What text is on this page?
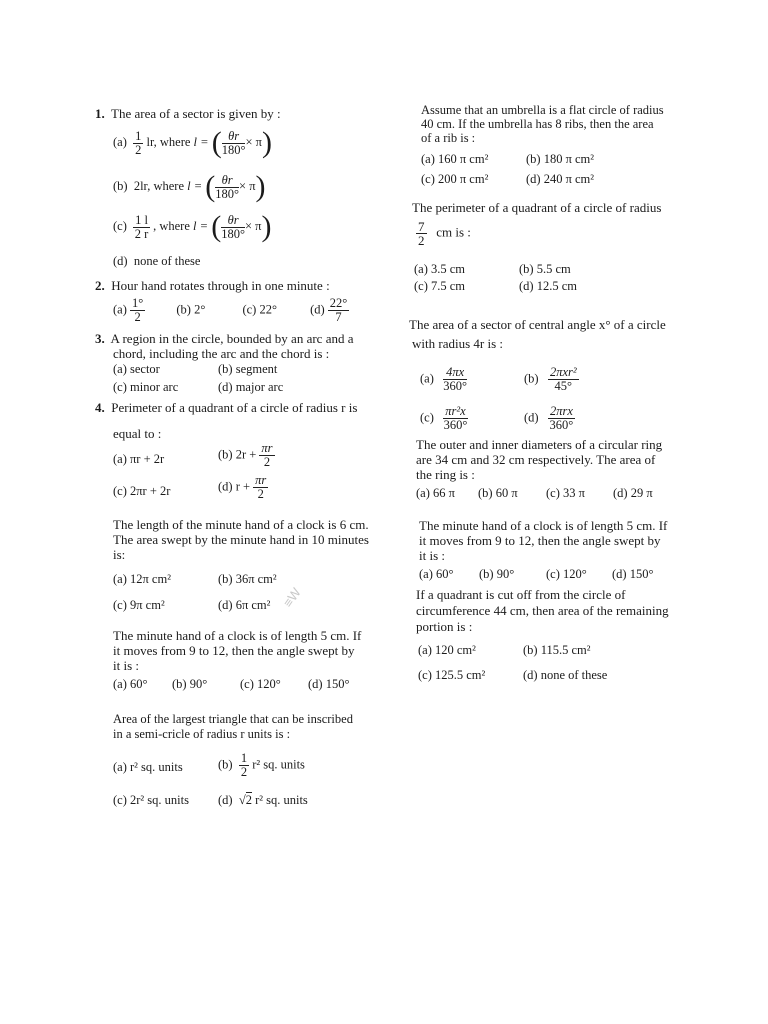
1. The area of a sector is given by :
$(a) \frac{1}{2}$ lr, where l = ( $\frac{\theta r}{180^\circ} \times \pi$)
(b) 2lr, where l = ( $\frac{\theta r}{180^\circ} \times \pi$)
$(c) \frac{1 l}{2 r}$ , where l = ( $\frac{\theta r}{180^\circ} \times \pi$)
(d) none of these
2. Hour hand rotates through in one minute :
$(a) \frac{1^\circ}{2} (b)$ 2°	(c) 22°	$(d) \frac{22^\circ}{7}$
3. A region in the circle, bounded by an arc and a
chord, including the arc and the chord is :
(a) sector	(b) segment
(c) minor arc	(d) major arc
4. Perimeter of a quadrant of a circle of radius r is
equal to :
(a) πr + 2r	(b) $2r + \frac{\pi r}{2}$
(c) 2πr + 2r	(d) $r + \frac{\pi r}{2}$
The length of the minute hand of a clock is 6 cm.
The area swept by the minute hand in 10 minutes
is:
(a) 12π cm²	(b) 36π cm²
(c) 9π cm²	(d) 6π cm² ≡W
The minute hand of a clock is of length 5 cm. If
it moves from 9 to 12, then the angle swept by
it is :
(a) 60° (b) 90°	(c) 120° (d) 150°
Area of the largest triangle that can be inscribed
in a semi-cricle of radius r units is :
(a) r² sq. units	$(b) \frac{1}{2} r^2$ sq. units
(c) 2r² sq. units (d)  √2 r² sq. units
Assume that an umbrella is a flat circle of radius
40 cm. If the umbrella has 8 ribs, then the area
of a rib is :
(a) 160 π cm²	(b) 180 π cm²
(c) 200 π cm²	(d) 240 π cm²
The perimeter of a quadrant of a circle of radius
$\frac{7}{2}$ cm is :
(a) 3.5 cm	(b) 5.5 cm
(c) 7.5 cm	(d) 12.5 cm
The area of a sector of central angle x° of a circle
with radius 4r is :
$(a) \frac{4\pi x}{360^\circ}$	$(b) \frac{\text{2πxr²}}{45^\circ}$
$(c) \frac{\text{πr²x}}{360^\circ}$	$(d) \frac{\text{2πrx}}{360^\circ}$
The outer and inner diameters of a circular ring
are 34 cm and 32 cm respectively. The area of
the ring is :
(a) 66 π (b) 60 π (c) 33 π (d) 29 π
The minute hand of a clock is of length 5 cm. If
it moves from 9 to 12, then the angle swept by
it is :
(a) 60° (b) 90°	(c) 120° (d) 150°
If a quadrant is cut off from the circle of
circumference 44 cm, then area of the remaining
portion is :
(a) 120 cm²	(b) 115.5 cm²
(c) 125.5 cm²	(d) none of these
